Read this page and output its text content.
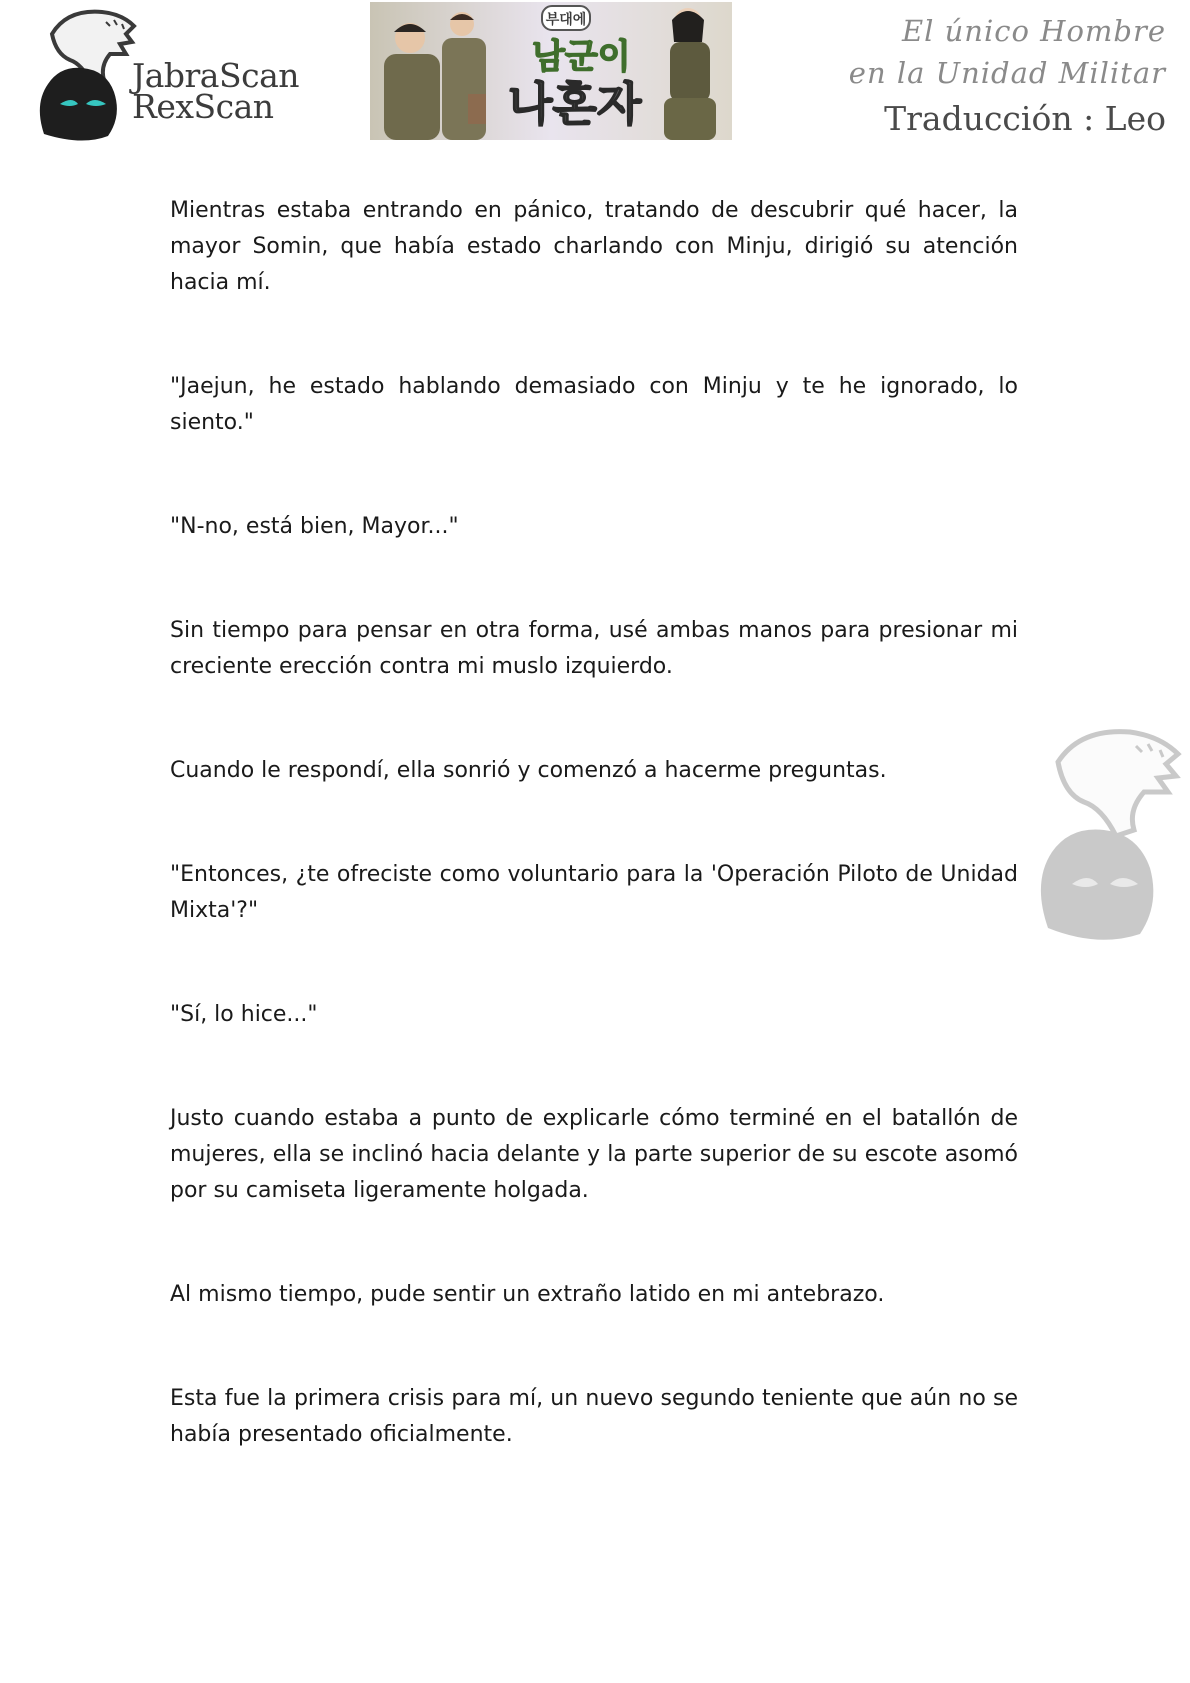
JabraScan
RexScan
부대에
남군이
나혼자
El único Hombre
en la Unidad Militar
Traducción : Leo

Mientras estaba entrando en pánico, tratando de descubrir qué hacer, la mayor Somin, que había estado charlando con Minju, dirigió su atención hacia mí.

"Jaejun, he estado hablando demasiado con Minju y te he ignorado, lo siento."

"N-no, está bien, Mayor..."

Sin tiempo para pensar en otra forma, usé ambas manos para presionar mi creciente erección contra mi muslo izquierdo.

Cuando le respondí, ella sonrió y comenzó a hacerme preguntas.

"Entonces, ¿te ofreciste como voluntario para la 'Operación Piloto de Unidad Mixta'?"

"Sí, lo hice..."

Justo cuando estaba a punto de explicarle cómo terminé en el batallón de mujeres, ella se inclinó hacia delante y la parte superior de su escote asomó por su camiseta ligeramente holgada.

Al mismo tiempo, pude sentir un extraño latido en mi antebrazo.

Esta fue la primera crisis para mí, un nuevo segundo teniente que aún no se había presentado oficialmente.
